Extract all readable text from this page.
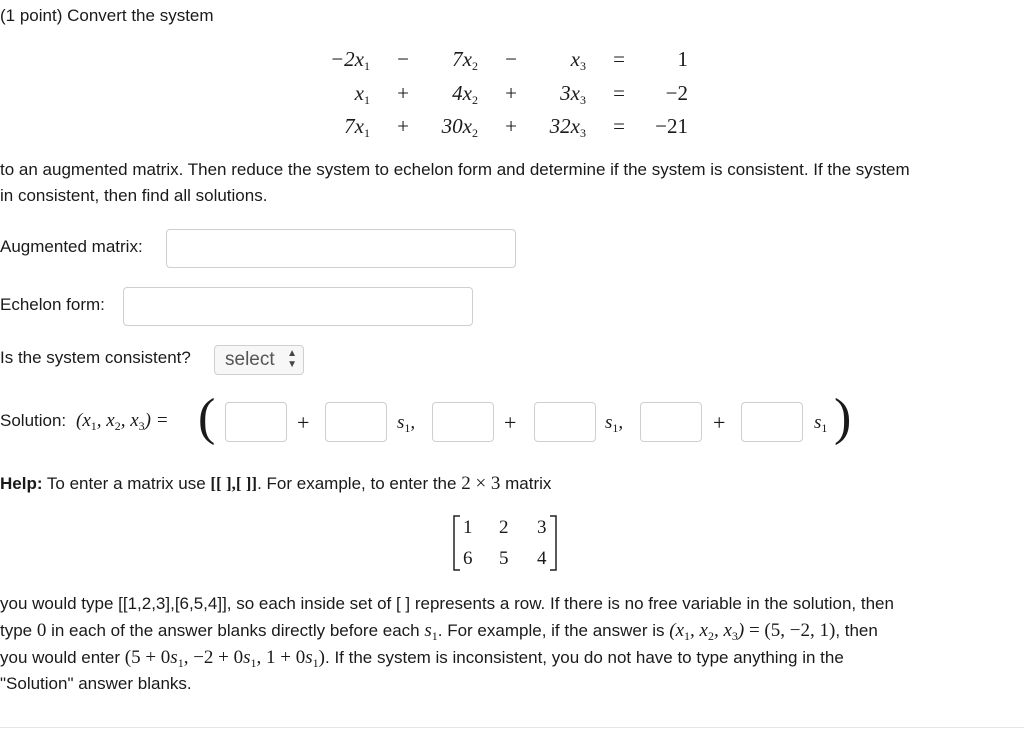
(1 point) Convert the system
−2x1	−	7x2	−	x3	=	1
x1	+	4x2	+	3x3	=	−2
7x1	+	30x2	+	32x3	=	−21
to an augmented matrix. Then reduce the system to echelon form and determine if the system is consistent. If the system
in consistent, then find all solutions.
Augmented matrix:
Echelon form:
Is the system consistent?	select ▲
▼
Solution: ($x_1$, $x_2$, $x_3$) = (	+	$s_1$,	+	$s_1$,	+	$s_1$ )
Help: To enter a matrix use [[ ],[ ]]. For example, to enter the 2 × 3 matrix
1 2 3
6 5 4
you would type [[1,2,3],[6,5,4]], so each inside set of [ ] represents a row. If there is no free variable in the solution, then
type 0 in each of the answer blanks directly before each $s_1$. For example, if the answer is ($x_1$, $x_2$, $x_3) = (5$, −2, 1), then
you would enter ($5 + 0s_1$, $-2 + 0s_1$, $1 + 0s_1$). If the system is inconsistent, you do not have to type anything in the
"Solution" answer blanks.
